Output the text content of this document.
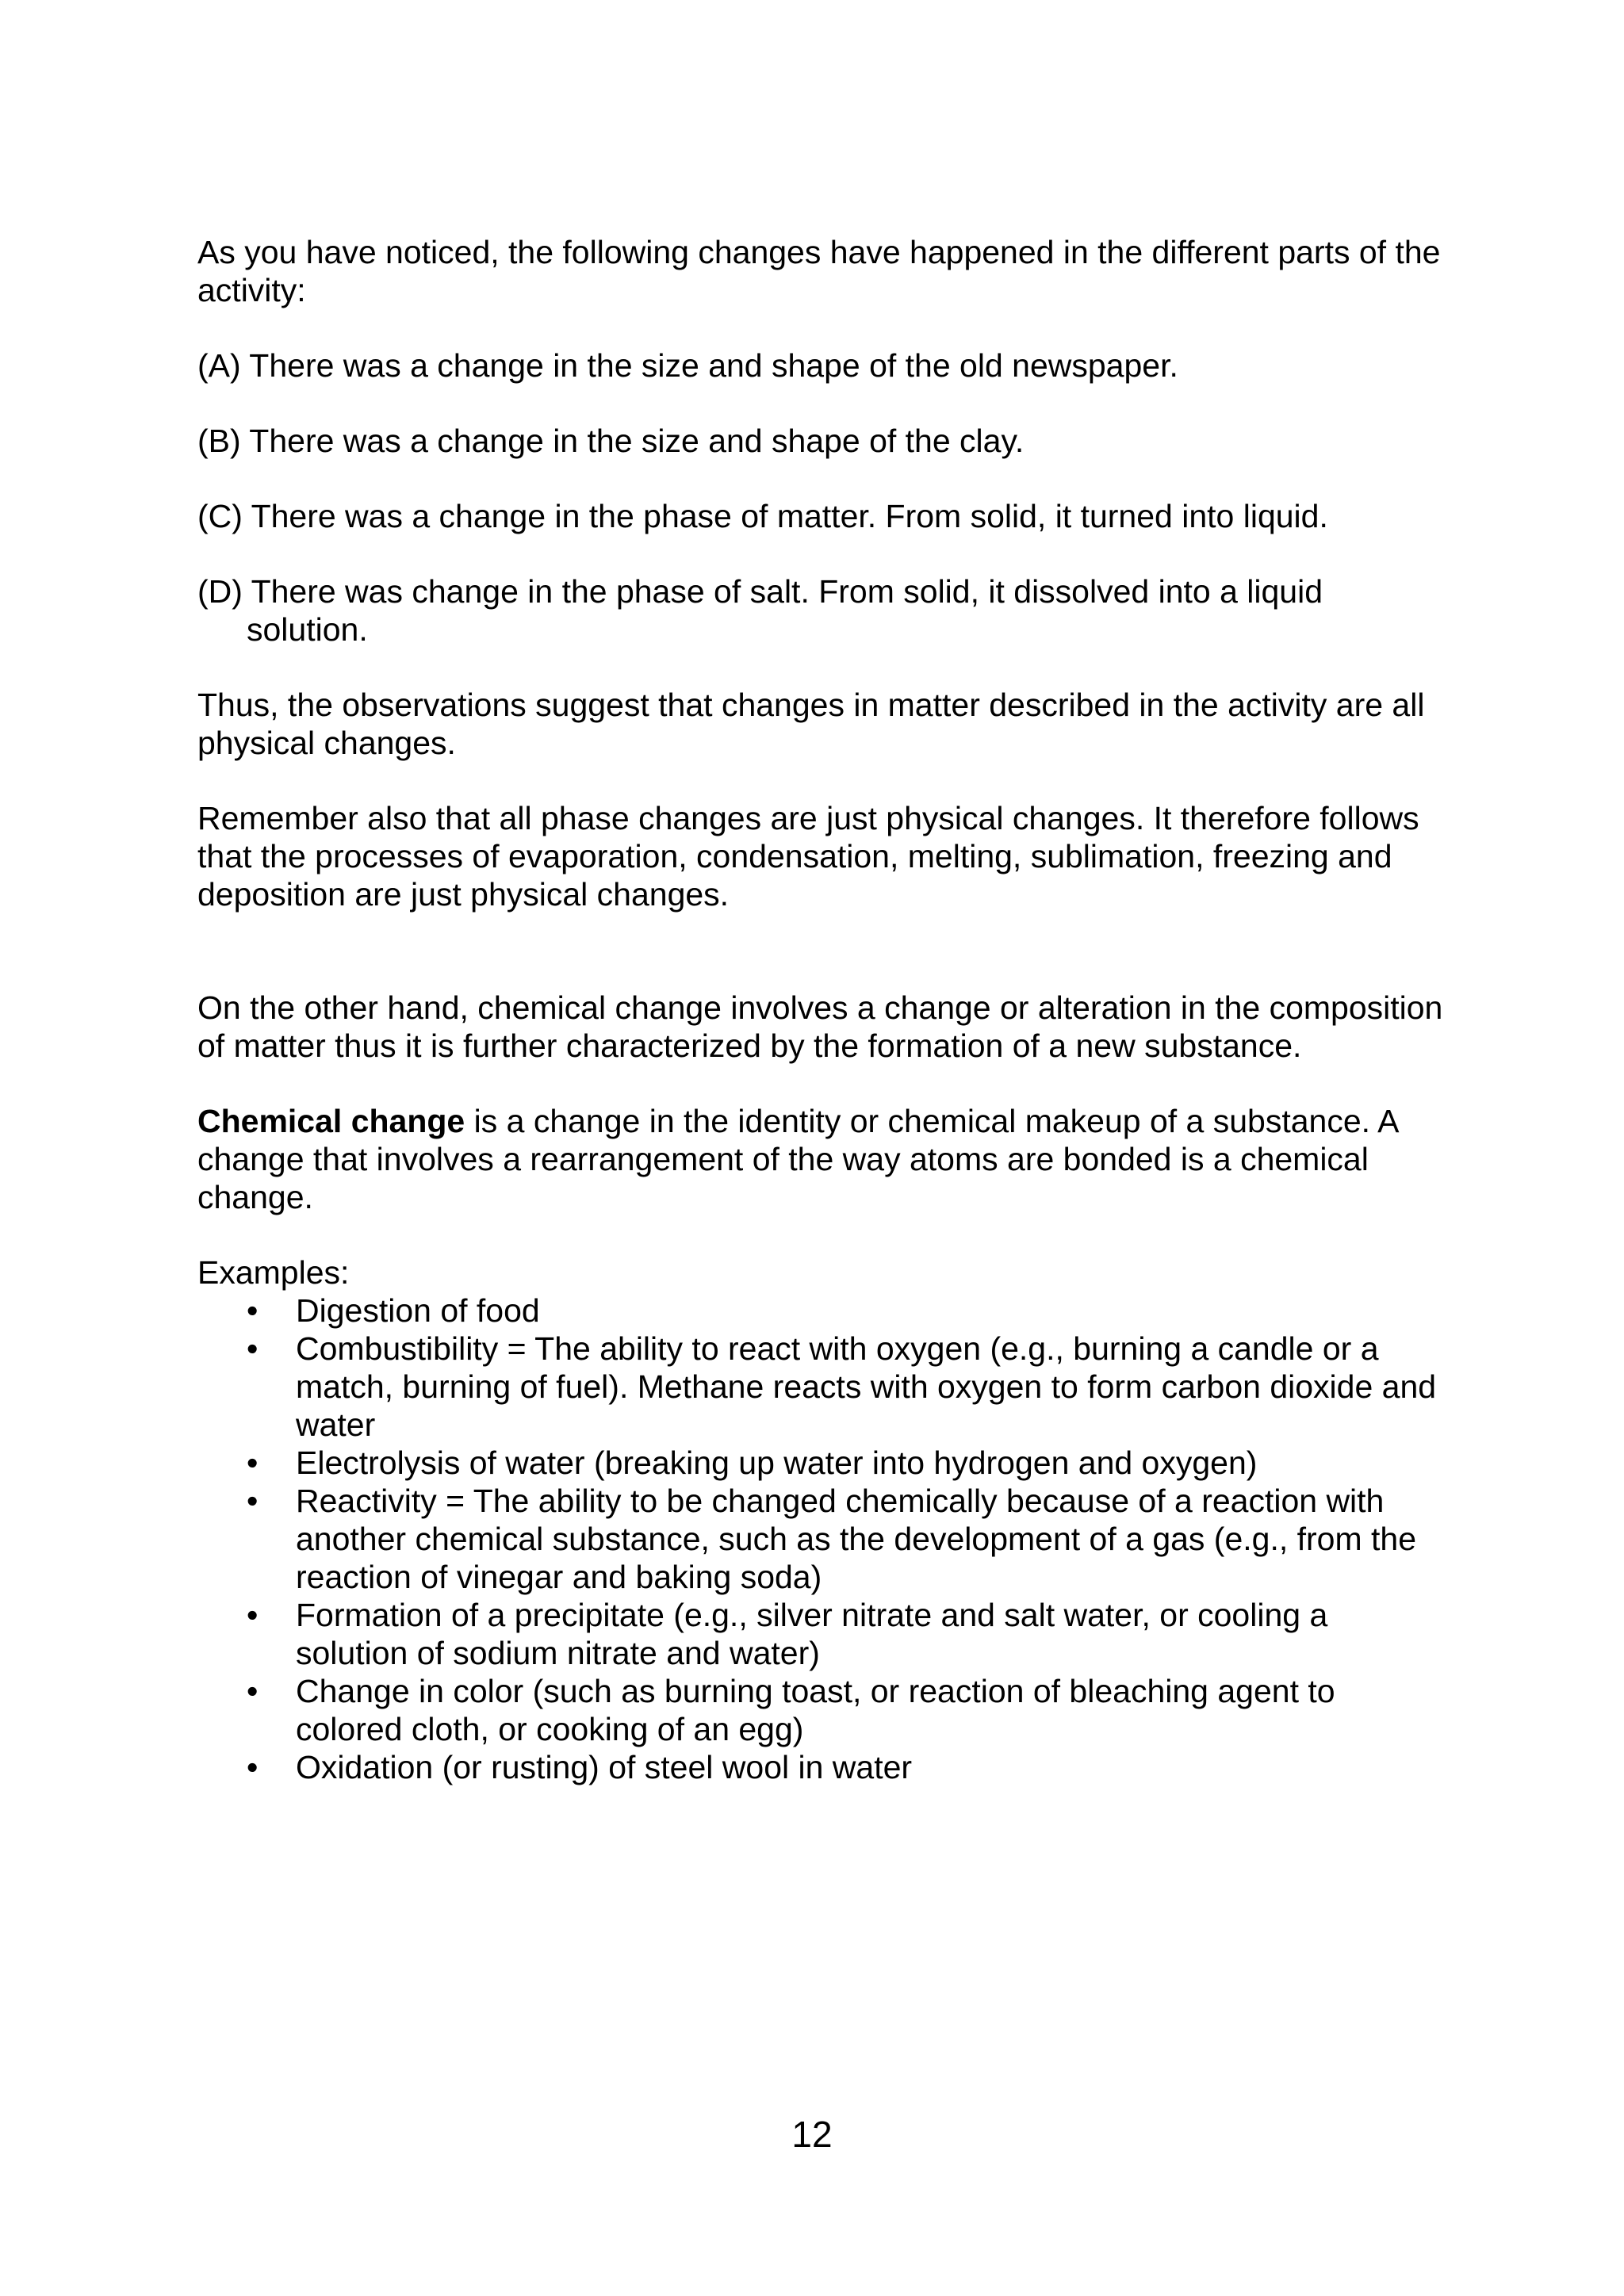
As you have noticed, the following changes have happened in the different parts of the activity:

(A) There was a change in the size and shape of the old newspaper.

(B) There was a change in the size and shape of the clay.

(C) There was a change in the phase of matter. From solid, it turned into liquid.

(D) There was change in the phase of salt. From solid, it dissolved into a liquid solution.

Thus, the observations suggest that changes in matter described in the activity are all physical changes.

Remember also that all phase changes are just physical changes. It therefore follows that the processes of evaporation, condensation, melting, sublimation, freezing and deposition are just physical changes.

On the other hand, chemical change involves a change or alteration in the composition of matter thus it is further characterized by the formation of a new substance.

Chemical change is a change in the identity or chemical makeup of a substance. A change that involves a rearrangement of the way atoms are bonded is a chemical change.

Examples:

• Digestion of food
• Combustibility = The ability to react with oxygen (e.g., burning a candle or a match, burning of fuel). Methane reacts with oxygen to form carbon dioxide and water
• Electrolysis of water (breaking up water into hydrogen and oxygen)
• Reactivity = The ability to be changed chemically because of a reaction with another chemical substance, such as the development of a gas (e.g., from the reaction of vinegar and baking soda)
• Formation of a precipitate (e.g., silver nitrate and salt water, or cooling a solution of sodium nitrate and water)
• Change in color (such as burning toast, or reaction of bleaching agent to colored cloth, or cooking of an egg)
• Oxidation (or rusting) of steel wool in water
12
